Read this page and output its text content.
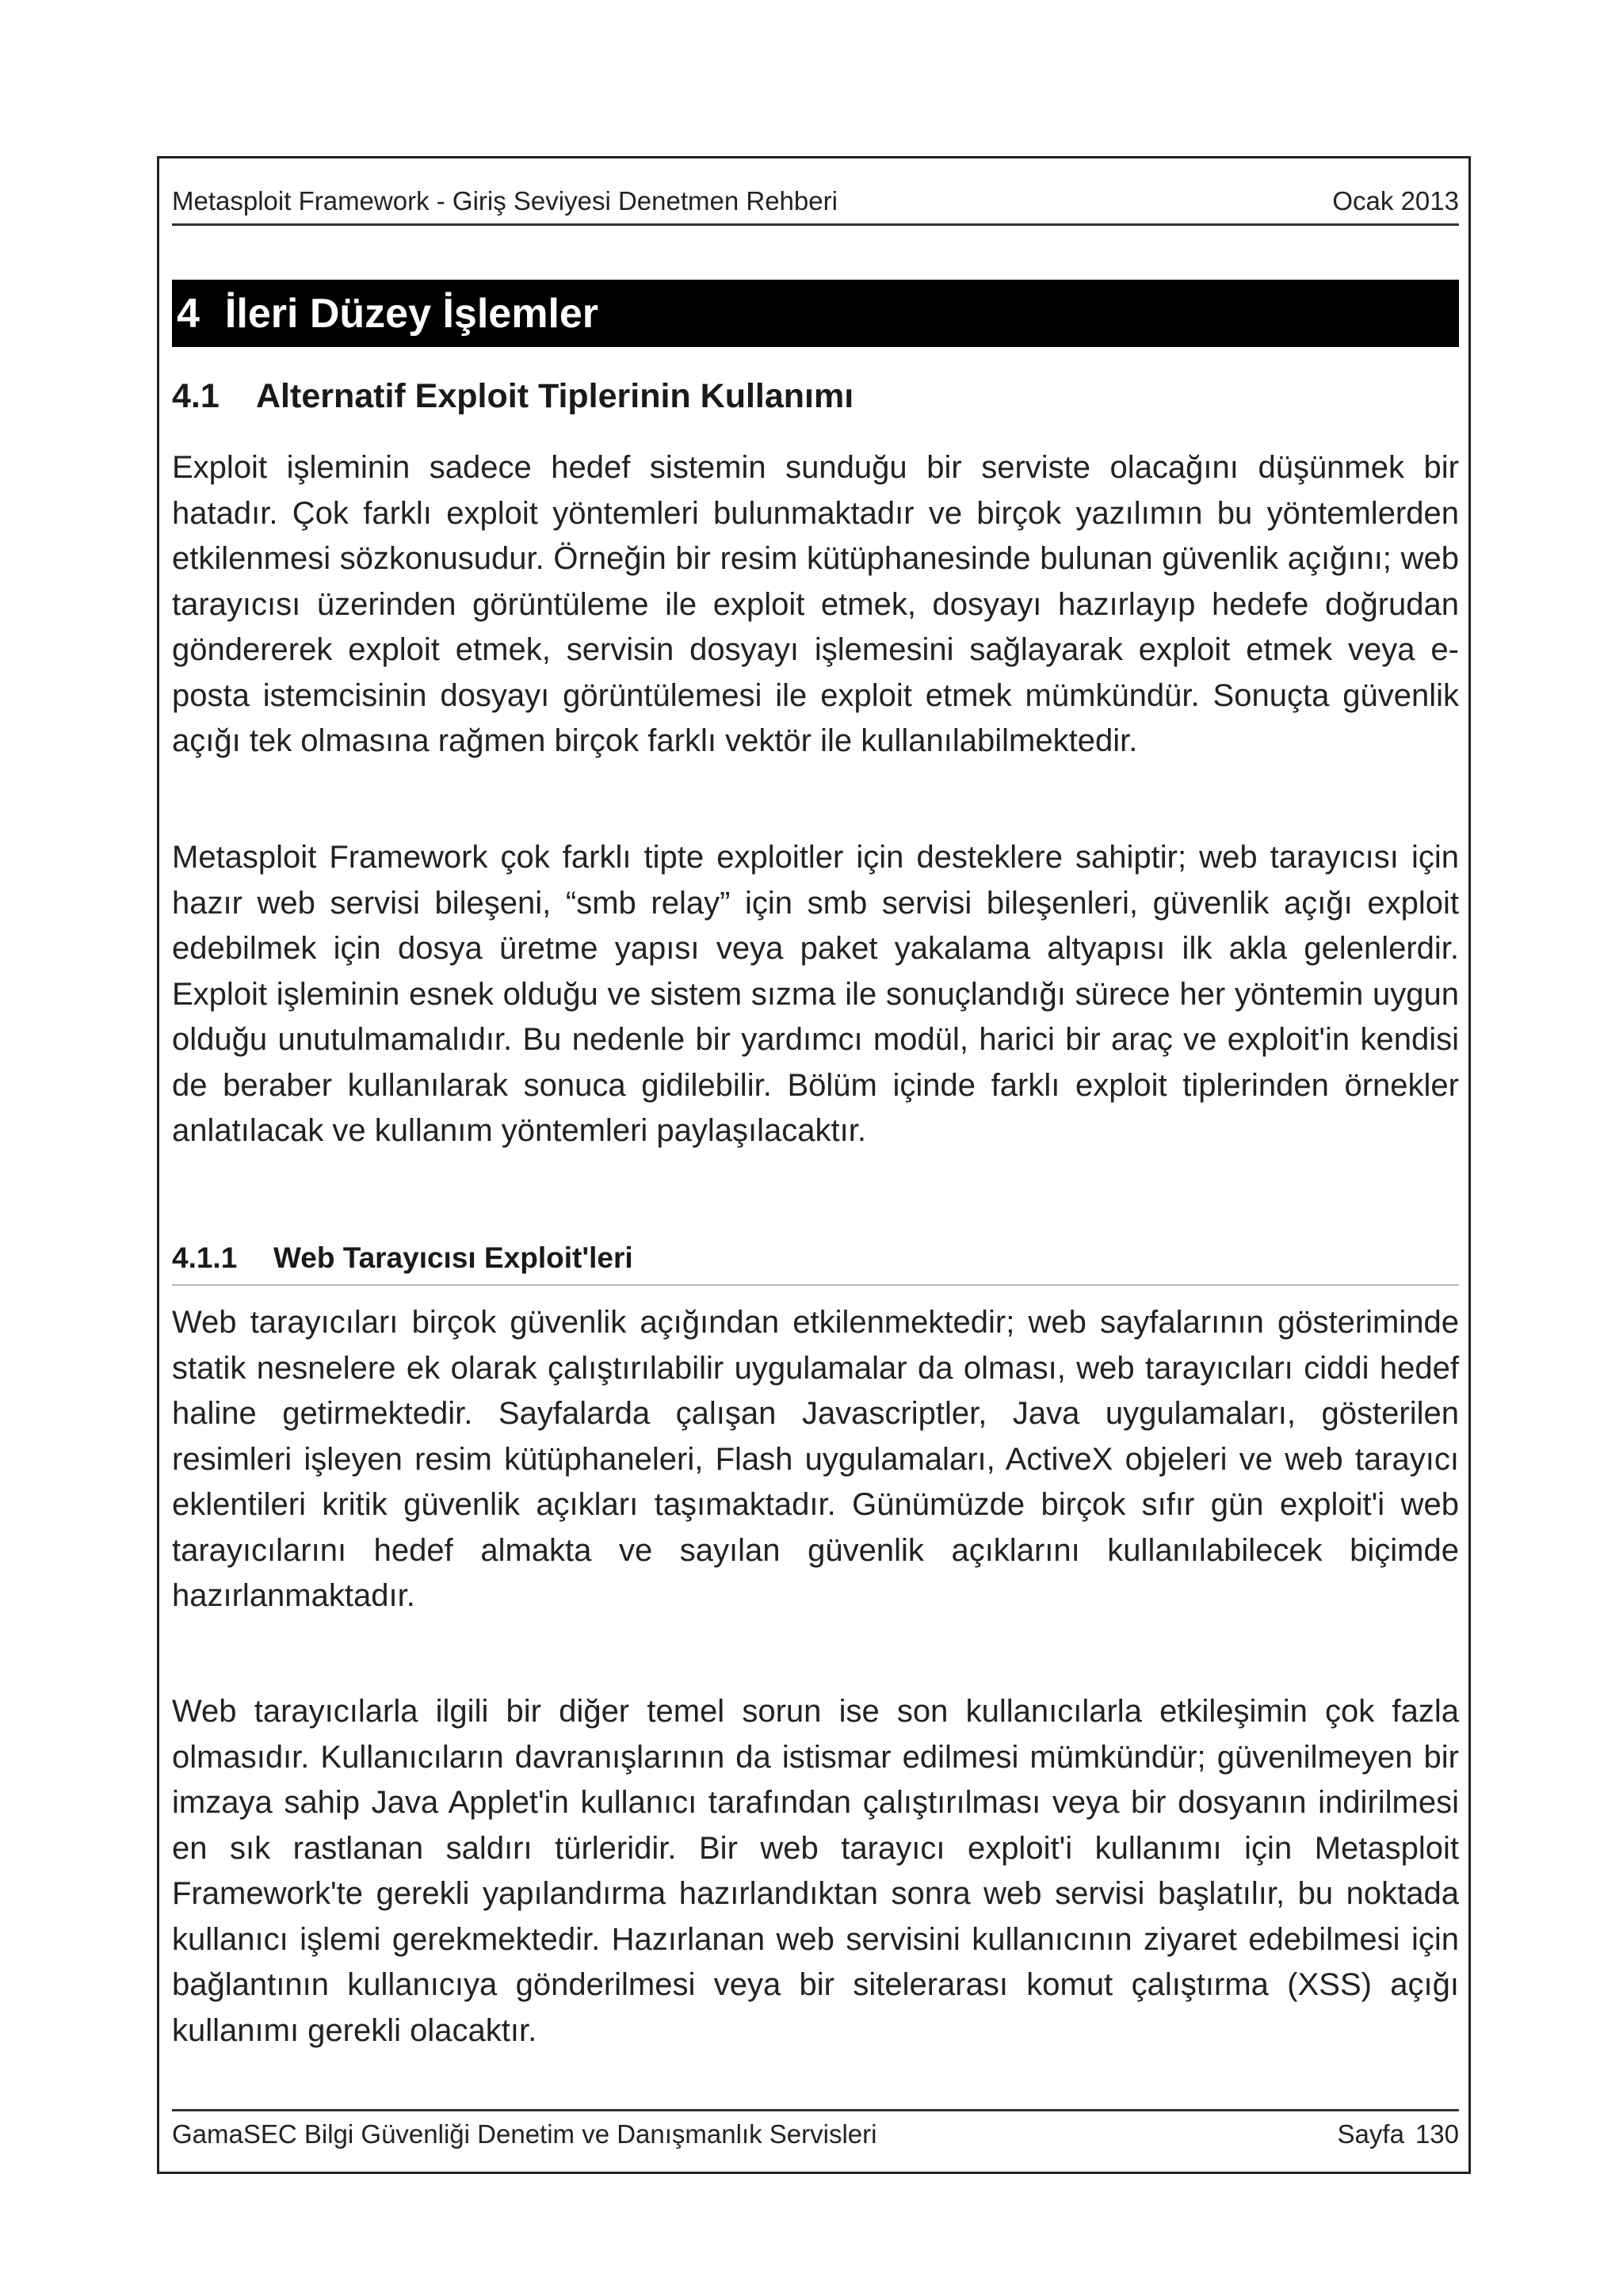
Metasploit Framework - Giriş Seviyesi Denetmen Rehberi	Ocak 2013
4 İleri Düzey İşlemler
4.1	Alternatif Exploit Tiplerinin Kullanımı

Exploit işleminin sadece hedef sistemin sunduğu bir serviste olacağını düşünmek bir hatadır. Çok farklı exploit yöntemleri bulunmaktadır ve birçok yazılımın bu yöntemlerden etkilenmesi sözkonusudur. Örneğin bir resim kütüphanesinde bulunan güvenlik açığını; web tarayıcısı üzerinden görüntüleme ile exploit etmek, dosyayı hazırlayıp hedefe doğrudan göndererek exploit etmek, servisin dosyayı işlemesini sağlayarak exploit etmek veya e-posta istemcisinin dosyayı görüntülemesi ile exploit etmek mümkündür. Sonuçta güvenlik açığı tek olmasına rağmen birçok farklı vektör ile kullanılabilmektedir.

Metasploit Framework çok farklı tipte exploitler için desteklere sahiptir; web tarayıcısı için hazır web servisi bileşeni, “smb relay” için smb servisi bileşenleri, güvenlik açığı exploit edebilmek için dosya üretme yapısı veya paket yakalama altyapısı ilk akla gelenlerdir. Exploit işleminin esnek olduğu ve sistem sızma ile sonuçlandığı sürece her yöntemin uygun olduğu unutulmamalıdır. Bu nedenle bir yardımcı modül, harici bir araç ve exploit'in kendisi de beraber kullanılarak sonuca gidilebilir. Bölüm içinde farklı exploit tiplerinden örnekler anlatılacak ve kullanım yöntemleri paylaşılacaktır.

4.1.1	Web Tarayıcısı Exploit'leri

Web tarayıcıları birçok güvenlik açığından etkilenmektedir; web sayfalarının gösteriminde statik nesnelere ek olarak çalıştırılabilir uygulamalar da olması, web tarayıcıları ciddi hedef haline getirmektedir. Sayfalarda çalışan Javascriptler, Java uygulamaları, gösterilen resimleri işleyen resim kütüphaneleri, Flash uygulamaları, ActiveX objeleri ve web tarayıcı eklentileri kritik güvenlik açıkları taşımaktadır. Günümüzde birçok sıfır gün exploit'i web tarayıcılarını hedef almakta ve sayılan güvenlik açıklarını kullanılabilecek biçimde hazırlanmaktadır.

Web tarayıcılarla ilgili bir diğer temel sorun ise son kullanıcılarla etkileşimin çok fazla olmasıdır. Kullanıcıların davranışlarının da istismar edilmesi mümkündür; güvenilmeyen bir imzaya sahip Java Applet'in kullanıcı tarafından çalıştırılması veya bir dosyanın indirilmesi en sık rastlanan saldırı türleridir. Bir web tarayıcı exploit'i kullanımı için Metasploit Framework'te gerekli yapılandırma hazırlandıktan sonra web servisi başlatılır, bu noktada kullanıcı işlemi gerekmektedir. Hazırlanan web servisini kullanıcının ziyaret edebilmesi için bağlantının kullanıcıya gönderilmesi veya bir sitelerarası komut çalıştırma (XSS) açığı kullanımı gerekli olacaktır.

GamaSEC Bilgi Güvenliği Denetim ve Danışmanlık Servisleri	Sayfa 130
